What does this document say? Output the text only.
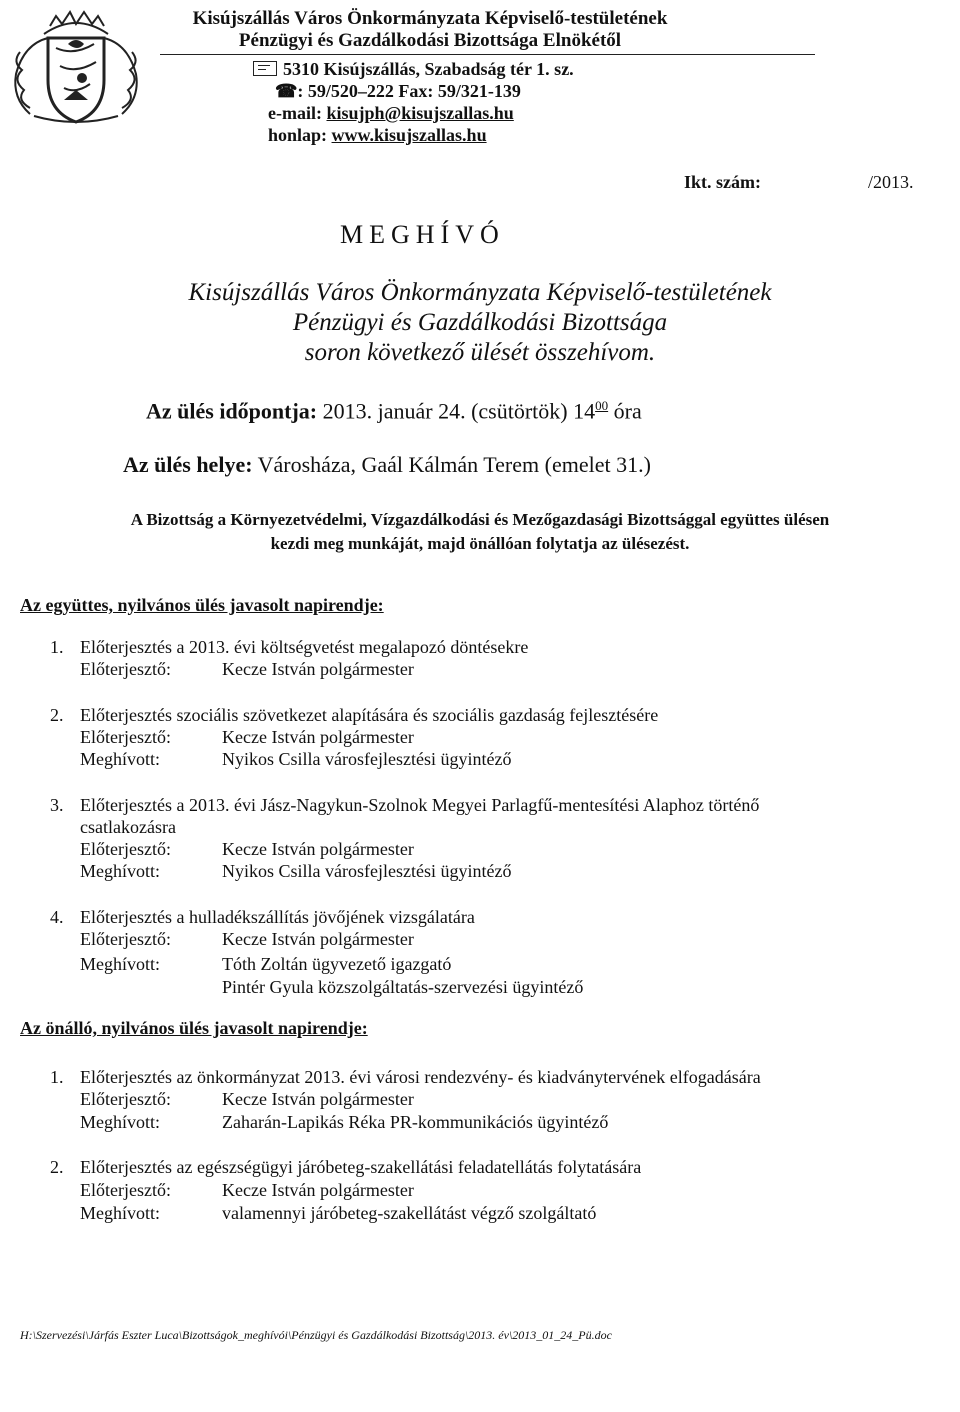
Kisújszállás Város Önkormányzata Képviselő-testületének
Pénzügyi és Gazdálkodási Bizottsága Elnökétől
5310 Kisújszállás, Szabadság tér 1. sz.
☎: 59/520–222 Fax: 59/321-139
e-mail: kisujph@kisujszallas.hu
honlap: www.kisujszallas.hu
Ikt. szám:	/2013.
MEGHÍVÓ
Kisújszállás Város Önkormányzata Képviselő-testületének
Pénzügyi és Gazdálkodási Bizottsága
soron következő ülését összehívom.
Az ülés időpontja: 2013. január 24. (csütörtök) $14^{00}$ óra
Az ülés helye: Városháza, Gaál Kálmán Terem (emelet 31.)
A Bizottság a Környezetvédelmi, Vízgazdálkodási és Mezőgazdasági Bizottsággal együttes ülésen
kezdi meg munkáját, majd önállóan folytatja az ülésezést.
Az együttes, nyilvános ülés javasolt napirendje:
1. Előterjesztés a 2013. évi költségvetést megalapozó döntésekre
Előterjesztő:	Kecze István polgármester
2. Előterjesztés szociális szövetkezet alapítására és szociális gazdaság fejlesztésére
Előterjesztő:	Kecze István polgármester
Meghívott:	Nyikos Csilla városfejlesztési ügyintéző
3. Előterjesztés a 2013. évi Jász-Nagykun-Szolnok Megyei Parlagfű-mentesítési Alaphoz történő
csatlakozásra
Előterjesztő:	Kecze István polgármester
Meghívott:	Nyikos Csilla városfejlesztési ügyintéző
4. Előterjesztés a hulladékszállítás jövőjének vizsgálatára
Előterjesztő:	Kecze István polgármester
Meghívott:	Tóth Zoltán ügyvezető igazgató
Pintér Gyula közszolgáltatás-szervezési ügyintéző
Az önálló, nyilvános ülés javasolt napirendje:
1. Előterjesztés az önkormányzat 2013. évi városi rendezvény- és kiadványtervének elfogadására
Előterjesztő:	Kecze István polgármester
Meghívott:	Zaharán-Lapikás Réka PR-kommunikációs ügyintéző
2. Előterjesztés az egészségügyi járóbeteg-szakellátási feladatellátás folytatására
Előterjesztő:	Kecze István polgármester
Meghívott:	valamennyi járóbeteg-szakellátást végző szolgáltató
H:\Szervezési\Járfás Eszter Luca\Bizottságok_meghívói\Pénzügyi és Gazdálkodási Bizottság\2013. év\2013_01_24_Pü.doc
